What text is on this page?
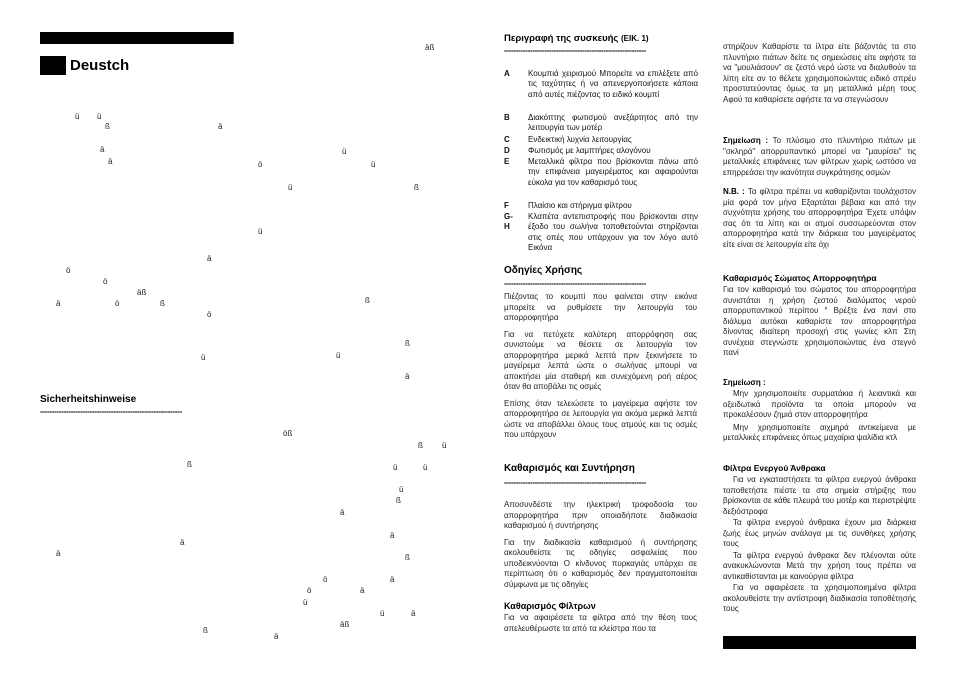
äß
Deustch
ü ü
ß	ä
ä	ü
ä	ö	ü
ü	ß
ü
ä
ö
ö
äß
ä	ö	ß	ß
ö
ß
ü
ü
ä
Sicherheitshinweise
------------------------------------------------------------
öß
ß ü
ß	ü	ü
ü
ß
ä
ä
ä
ä	ß
ö	ä
ö	ä
ü
ü	ä
äß
ß
ä
Περιγραφή της συσκευής (ΕΙΚ. 1)
------------------------------------------------------------
A Κουμπιά χειρισμού Μπορείτε να επιλέξετε από τις ταχύτητες ή να απενεργοποιήσετε κάποια από αυτές πιέζοντας το ειδικό κουμπί
B Διακόπτης φωτισμού ανεξάρτητος από την λειτουργία των μοτέρ
C Ενδεικτική λυχνία λειτουργίας
D Φωτισμός με λαμπτήρες αλογόνου
E Μεταλλικά φίλτρα που βρίσκονται πάνω από την επιφάνεια μαγειρέματος και αφαιρούνται εύκολα για τον καθαρισμό τους
F Πλαίσιο και στήριγμα φίλτρου
G-H
Κλαπέτα αντεπιστροφής που βρίσκονται στην έξοδο του σωλήνα τοποθετούνται στηρίζονται στις οπές που υπάρχουν για τον λόγο αυτό Εικόνα
Οδηγίες Χρήσης
------------------------------------------------------------

Πιέζοντας το κουμπί που φαίνεται στην εικόνα μπορείτε να ρυθμίσετε την λειτουργία του απορροφητήρα

Για να πετύχετε καλύτερη απορρόφηση σας συνιστούμε να θέσετε σε λειτουργία τον απορροφητήρα μερικά λεπτά πριν ξεκινήσετε το μαγείρεμα λεπτά ώστε ο σωλήνας μπουρί να αποκτήσει μία σταθερή και συνεχόμενη ροή αέρος όταν θα αποβάλει τις οσμές

Επίσης όταν τελειώσετε το μαγείρεμα αφήστε τον απορροφητήρα σε λειτουργία για ακόμα μερικά λεπτά ώστε να αποβάλλει όλους τους ατμούς και τις οσμές που υπάρχουν

Καθαρισμός και Συντήρηση
------------------------------------------------------------

Αποσυνδέστε την ηλεκτρική τροφοδοσία του απορροφητήρα πριν οποιαδήποτε διαδικασία καθαρισμού ή συντήρησης

Για την διαδικασία καθαρισμού ή συντήρησης ακολουθείστε τις οδηγίες ασφαλείας που υποδεικνύονται Ο κίνδυνος πυρκαγιάς υπάρχει σε περίπτωση ότι ο καθαρισμός δεν πραγματοποιείται σύμφωνα με τις οδηγίες

Καθαρισμός Φίλτρων
Για να αφαιρέσετε τα φίλτρα από την θέση τους απελευθέρωστε τα από τα κλείστρα που τα
στηρίζουν Καθαρίστε τα ίλτρα είτε βάζοντάς τα στο πλυντήριο πιάτων δείτε τις σημειώσεις είτε αφήστε τα να "μουλιάσουν" σε ζεστό νερό ώστε να διαλυθούν τα λίπη είτε αν το θέλετε χρησιμοποιώντας ειδικό σπρέυ προστατεύοντας όμως τα μη μεταλλικά μέρη τους Αφού τα καθαρίσετε αφήστε τα να στεγνώσουν
Σημείωση : Το πλύσιμο στο πλυντήριο πιάτων με "σκληρά" απορρυπαντικό μπορεί να "μαυρίσει" τις μεταλλικές επιφάνειες των φίλτρων χωρίς ωστόσο να επηρρεάσει την ικανότητα συγκράτησης οσμών
N.B. : Τα φίλτρα πρέπει να καθαρίζονται τουλάχιστον μία φορά τον μήνα Εξαρτάται βέβαια και από την συχνότητα χρήσης του απορροφητήρα Έχετε υπόψιν σας ότι τα λίπη και οι ατμοί συσσωρεύονται στον απορροφητήρα κατά την διάρκεια του μαγειρέματος είτε είναι σε λειτουργία είτε όχι
Καθαρισμός Σώματος Απορροφητήρα
Για τον καθαρισμό του σώματος του απορροφητήρα συνιστάται η χρήση ζεστού διαλύματος νερού απορρυπαντικού περίπου ° Βρέξτε ένα πανί στο διάλυμα αυτόκαι καθαρίστε τον απορροφητήρα δίνοντας ιδιαίτερη προσοχή στις γωνίες κλπ Στη συνέχεια στεγνώστε χρησιμοποιώντας ένα στεγνό πανί
Σημείωση :

Μην χρησιμοποιείτε συρματάκια ή λειαντικά και οξειδωτικά προϊόντα τα οποία μπορούν να προκαλέσουν ζημιά στον απορροφητήρα

Μην χρησιμοποιείτε αιχμηρά αντικείμενα με μεταλλικές επιφάνειες όπως μαχαίρια ψαλίδια κτλ

Φίλτρα Ενεργού Άνθρακα

Για να εγκαταστήσετε τα φίλτρα ενεργού άνθρακα τοποθετήστε πιέστε τα στα σημεία στήριξης που βρίσκονται σε κάθε πλευρά του μοτέρ και περιστρέψτε δεξιόστροφα

Τα φίλτρα ενεργού άνθρακα έχουν μια διάρκεια ζωής έως μηνών ανάλογα με τις συνθήκες χρήσης τους

Τα φίλτρα ενεργού άνθρακα δεν πλένονται ούτε ανακυκλώνονται Μετά την χρήση τους πρέπει να αντικαθίστανται με καινούργια φίλτρα

Για να αφαιρέσετε τα χρησιμοποιημένα φίλτρα ακολουθείστε την αντίστροφη διαδικασία τοποθέτησής τους
